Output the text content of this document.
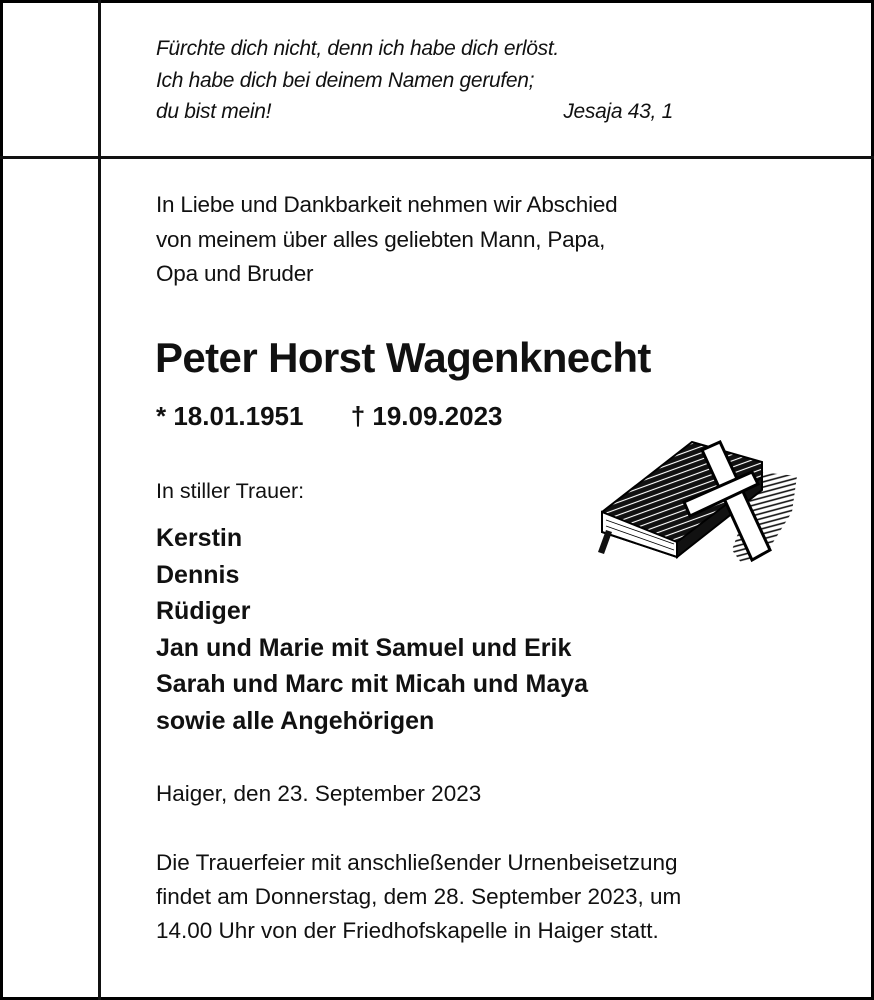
Fürchte dich nicht, denn ich habe dich erlöst.
Ich habe dich bei deinem Namen gerufen;
du bist mein!	Jesaja 43, 1
In Liebe und Dankbarkeit nehmen wir Abschied
von meinem über alles geliebten Mann, Papa,
Opa und Bruder
Peter Horst Wagenknecht
* 18.01.1951 † 19.09.2023
In stiller Trauer:
Kerstin
Dennis
Rüdiger
Jan und Marie mit Samuel und Erik
Sarah und Marc mit Micah und Maya
sowie alle Angehörigen
Haiger, den 23. September 2023
Die Trauerfeier mit anschließender Urnenbeisetzung
findet am Donnerstag, dem 28. September 2023, um
14.00 Uhr von der Friedhofskapelle in Haiger statt.
